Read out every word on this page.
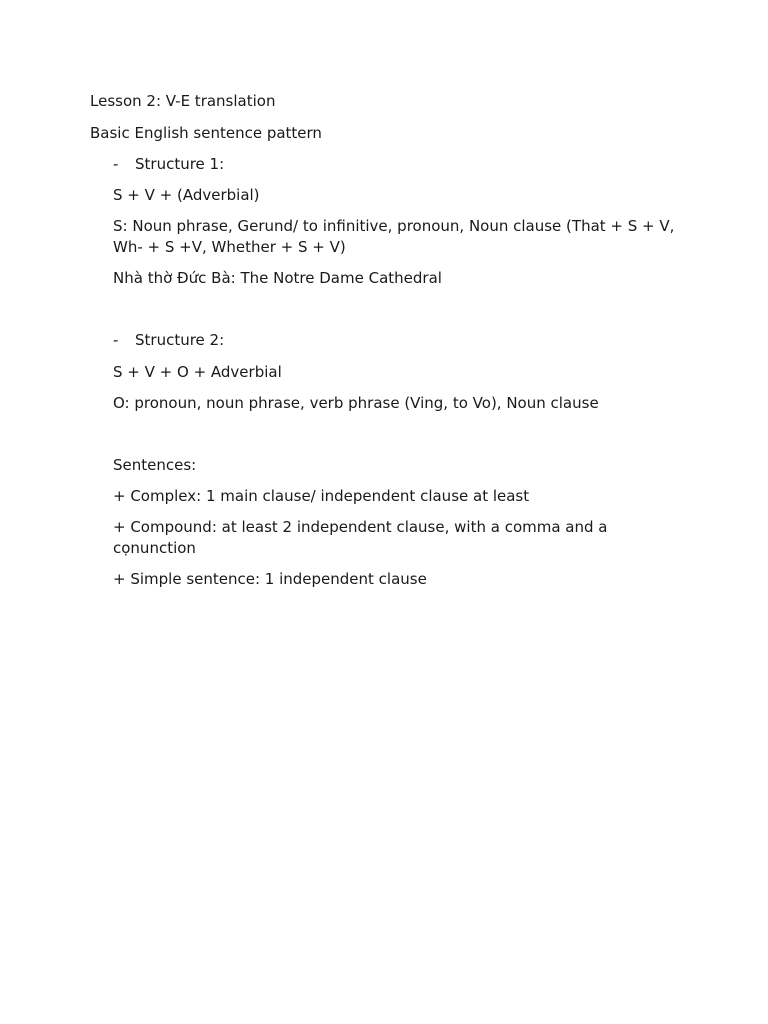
Lesson 2: V-E translation
Basic English sentence pattern
- Structure 1:
S + V + (Adverbial)
S: Noun phrase, Gerund/ to infinitive, pronoun, Noun clause (That + S + V,
Wh- + S +V, Whether + S + V)
Nhà thờ Đức Bà: The Notre Dame Cathedral
- Structure 2:
S + V + O + Adverbial
O: pronoun, noun phrase, verb phrase (Ving, to Vo), Noun clause
Sentences:
+ Complex: 1 main clause/ independent clause at least
+ Compound: at least 2 independent clause, with a comma and a
cọnunction
+ Simple sentence: 1 independent clause
